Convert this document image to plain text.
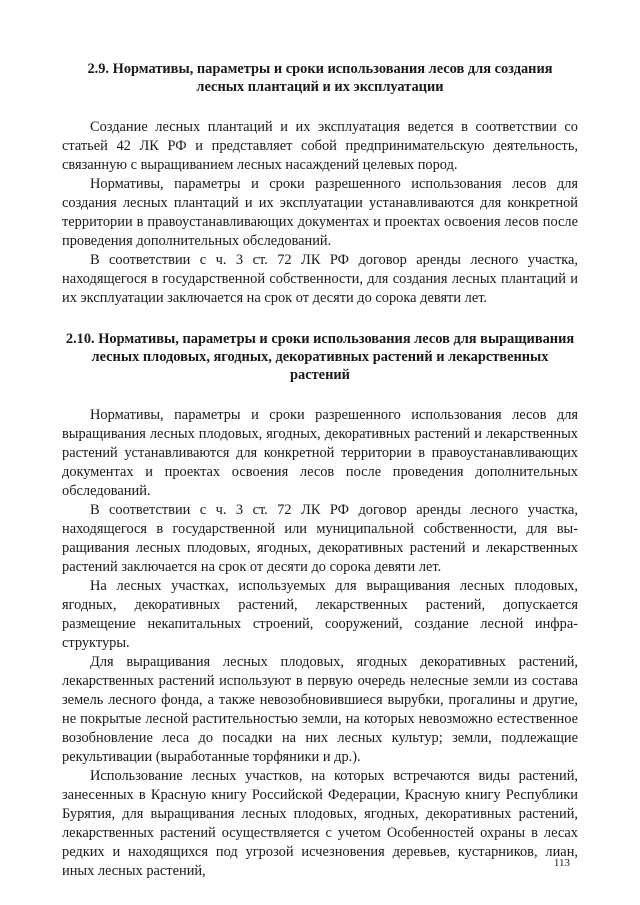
2.9. Нормативы, параметры и сроки использования лесов для создания лесных плантаций и их эксплуатации

Создание лесных плантаций и их эксплуатация ведется в соответствии со статьей 42 ЛК РФ и представляет собой предпринимательскую деятельность, связанную с выращиванием лесных насаждений целевых пород.

Нормативы, параметры и сроки разрешенного использования лесов для создания лесных плантаций и их эксплуатации устанавливаются для конкретной территории в правоустанавливающих документах и проектах освоения лесов после проведения дополнительных обследований.

В соответствии с ч. 3 ст. 72 ЛК РФ договор аренды лесного участка, находящегося в государственной собственности, для создания лесных плантаций и их эксплуатации заключается на срок от десяти до сорока девяти лет.

2.10. Нормативы, параметры и сроки использования лесов для выращивания лесных плодовых, ягодных, декоративных растений и лекарственных растений

Нормативы, параметры и сроки разрешенного использования лесов для выращивания лесных плодовых, ягодных, декоративных растений и лекарственных растений устанавливаются для конкретной территории в правоустанавливающих документах и проектах освоения лесов после проведения дополнительных обследований.

В соответствии с ч. 3 ст. 72 ЛК РФ договор аренды лесного участка, находящегося в государственной или муниципальной собственности, для выращивания лесных плодовых, ягодных, декоративных растений и лекарственных растений заключается на срок от десяти до сорока девяти лет.

На лесных участках, используемых для выращивания лесных плодовых, ягодных, декоративных растений, лекарственных растений, допускается размещение некапитальных строений, сооружений, создание лесной инфраструктуры.

Для выращивания лесных плодовых, ягодных декоративных растений, лекарственных растений используют в первую очередь нелесные земли из состава земель лесного фонда, а также невозобновившиеся вырубки, прогалины и другие, не покрытые лесной растительностью земли, на которых невозможно естественное возобновление леса до посадки на них лесных культур; земли, подлежащие рекультивации (выработанные торфяники и др.).

Использование лесных участков, на которых встречаются виды растений, занесенных в Красную книгу Российской Федерации, Красную книгу Республики Бурятия, для выращивания лесных плодовых, ягодных, декоративных растений, лекарственных растений осуществляется с учетом Особенностей охраны в лесах редких и находящихся под угрозой исчезновения деревьев, кустарников, лиан, иных лесных растений,	113
